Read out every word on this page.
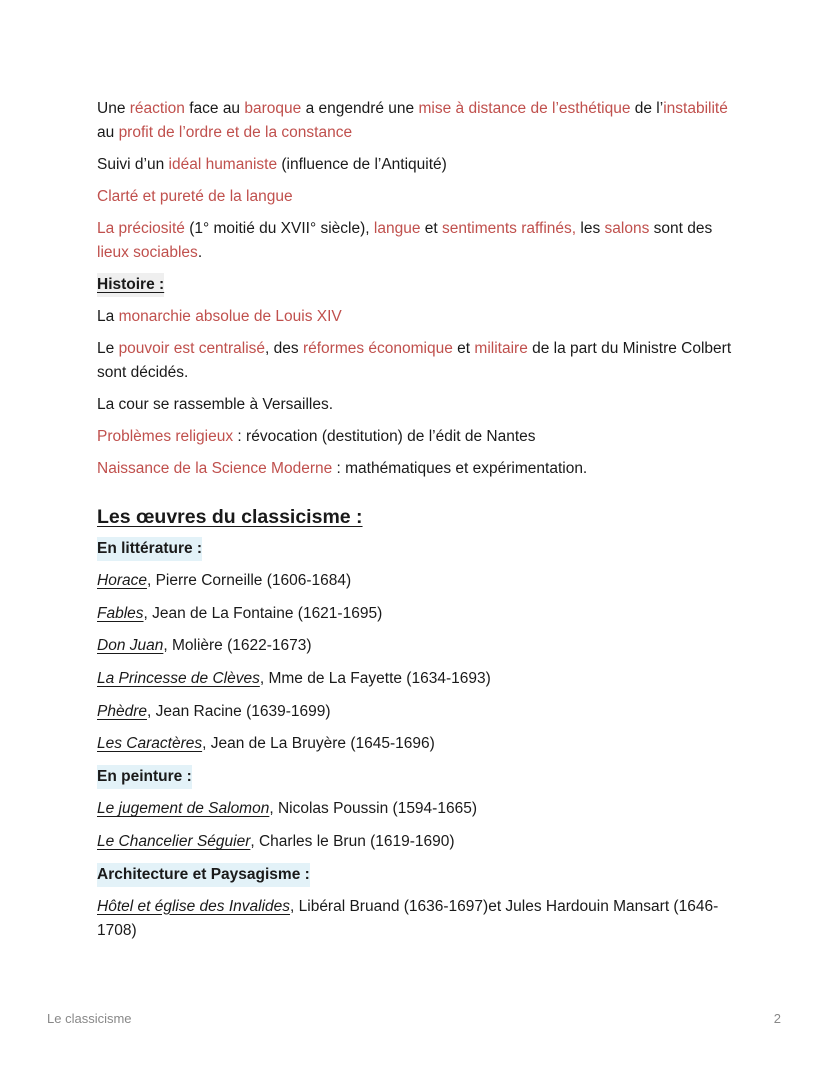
Une réaction face au baroque a engendré une mise à distance de l’esthétique de l’instabilité au profit de l’ordre et de la constance

Suivi d’un idéal humaniste (influence de l’Antiquité)

Clarté et pureté de la langue

La préciosité (1° moitié du XVII° siècle), langue et sentiments raffinés, les salons sont des lieux sociables.

Histoire :

La monarchie absolue de Louis XIV

Le pouvoir est centralisé, des réformes économique et militaire de la part du Ministre Colbert sont décidés.

La cour se rassemble à Versailles.

Problèmes religieux : révocation (destitution) de l’édit de Nantes

Naissance de la Science Moderne : mathématiques et expérimentation.

Les œuvres du classicisme :

En littérature :

Horace, Pierre Corneille (1606-1684)

Fables, Jean de La Fontaine (1621-1695)

Don Juan, Molière (1622-1673)

La Princesse de Clèves, Mme de La Fayette (1634-1693)

Phèdre, Jean Racine (1639-1699)

Les Caractères, Jean de La Bruyère (1645-1696)

En peinture :

Le jugement de Salomon, Nicolas Poussin (1594-1665)

Le Chancelier Séguier, Charles le Brun (1619-1690)

Architecture et Paysagisme :

Hôtel et église des Invalides, Libéral Bruand (1636-1697)et Jules Hardouin Mansart (1646-1708)

Le classicisme	2
